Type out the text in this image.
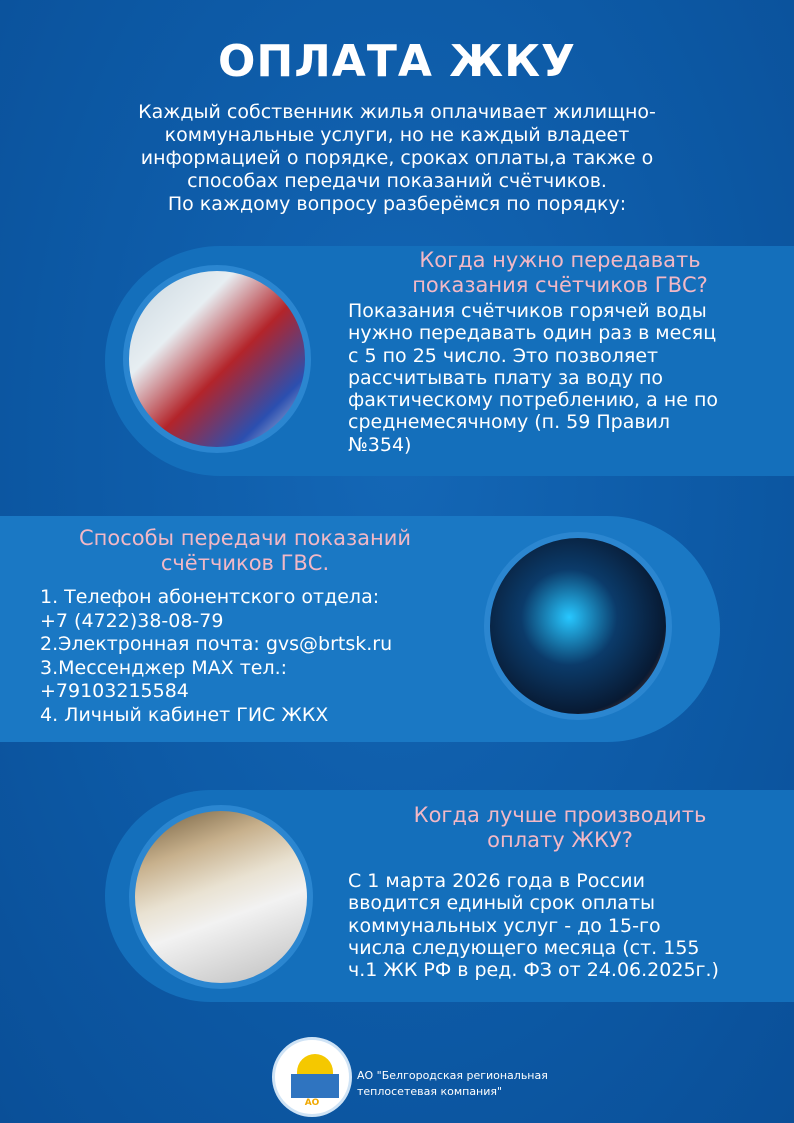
ОПЛАТА ЖКУ
Каждый собственник жилья оплачивает жилищно-
коммунальные услуги, но не каждый владеет
информацией о порядке, сроках оплаты,а также о
способах передачи показаний счётчиков.
По каждому вопросу разберёмся по порядку:
Когда нужно передавать
показания счётчиков ГВС?
Показания счётчиков горячей воды
нужно передавать один раз в месяц
с 5 по 25 число. Это позволяет
рассчитывать плату за воду по
фактическому потреблению, а не по
среднемесячному (п. 59 Правил
№354)
Способы передачи показаний
счётчиков ГВС.
1. Телефон абонентского отдела:
+7 (4722)38-08-79
2.Электронная почта: gvs@brtsk.ru
3.Мессенджер MAX тел.:
+79103215584
4. Личный кабинет ГИС ЖКХ
Когда лучше производить
оплату ЖКУ?
С 1 марта 2026 года в России
вводится единый срок оплаты
коммунальных услуг - до 15-го
числа следующего месяца (ст. 155
ч.1 ЖК РФ в ред. ФЗ от 24.06.2025г.)
АО
АО "Белгородская региональная
теплосетевая компания"
